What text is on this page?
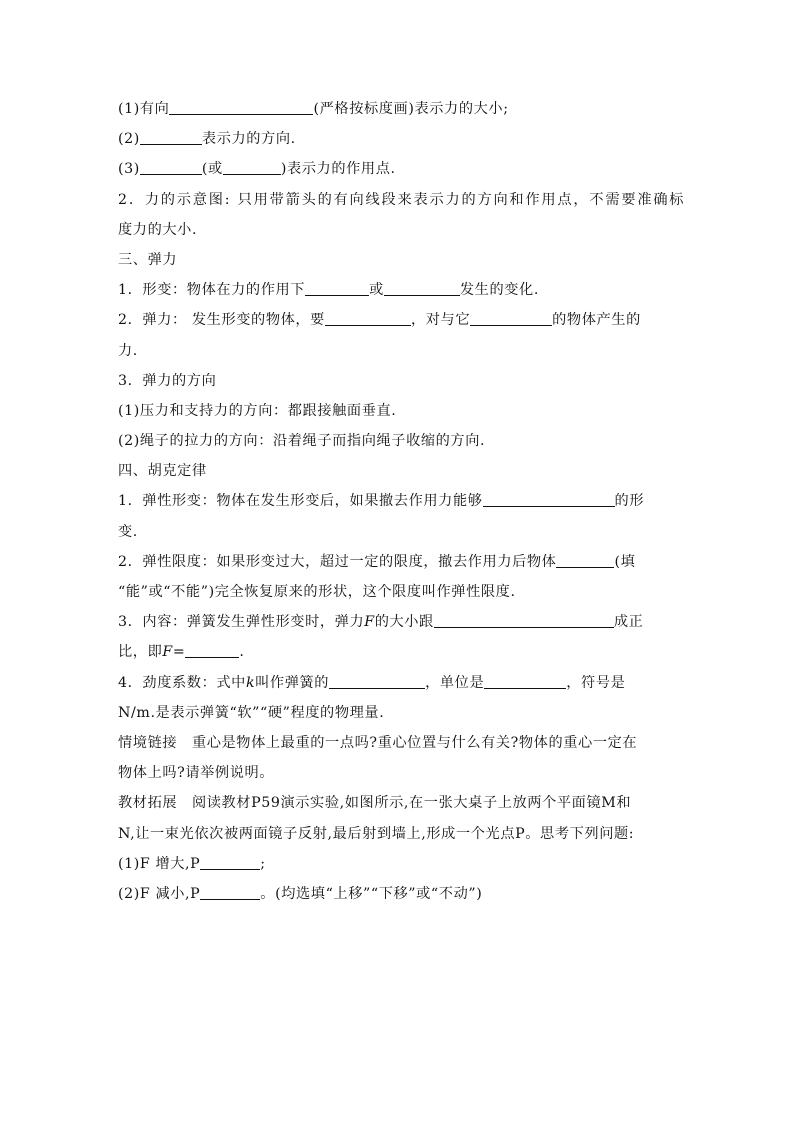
(1)有向	(严格按标度画)表示力的大小;
(2)	表示力的方向.
(3)	(或	)表示力的作用点.
2．力的示意图: 只用带箭头的有向线段来表示力的方向和作用点，不需要准确标
度力的大小.
三、弹力
1．形变：物体在力的作用下	或	发生的变化.
2．弹力： 发生形变的物体，要	，对与它	的物体产生的
力.
3．弹力的方向
(1)压力和支持力的方向：都跟接触面垂直.
(2)绳子的拉力的方向：沿着绳子而指向绳子收缩的方向.
四、胡克定律
1．弹性形变：物体在发生形变后，如果撤去作用力能够	的形
变.
2．弹性限度：如果形变过大，超过一定的限度，撤去作用力后物体	(填
“能”或“不能”)完全恢复原来的形状，这个限度叫作弹性限度.
3．内容：弹簧发生弹性形变时，弹力F的大小跟	成正
比，即F=	.
4．劲度系数：式中k叫作弹簧的	，单位是	，符号是
N/m.是表示弹簧“软”“硬”程度的物理量.
情境链接　重心是物体上最重的一点吗?重心位置与什么有关?物体的重心一定在
物体上吗?请举例说明。
教材拓展　阅读教材P59演示实验,如图所示,在一张大桌子上放两个平面镜M和
N,让一束光依次被两面镜子反射,最后射到墙上,形成一个光点P。思考下列问题:
(1)F 增大,P	;
(2)F 减小,P	。(均选填“上移”“下移”或“不动”)
